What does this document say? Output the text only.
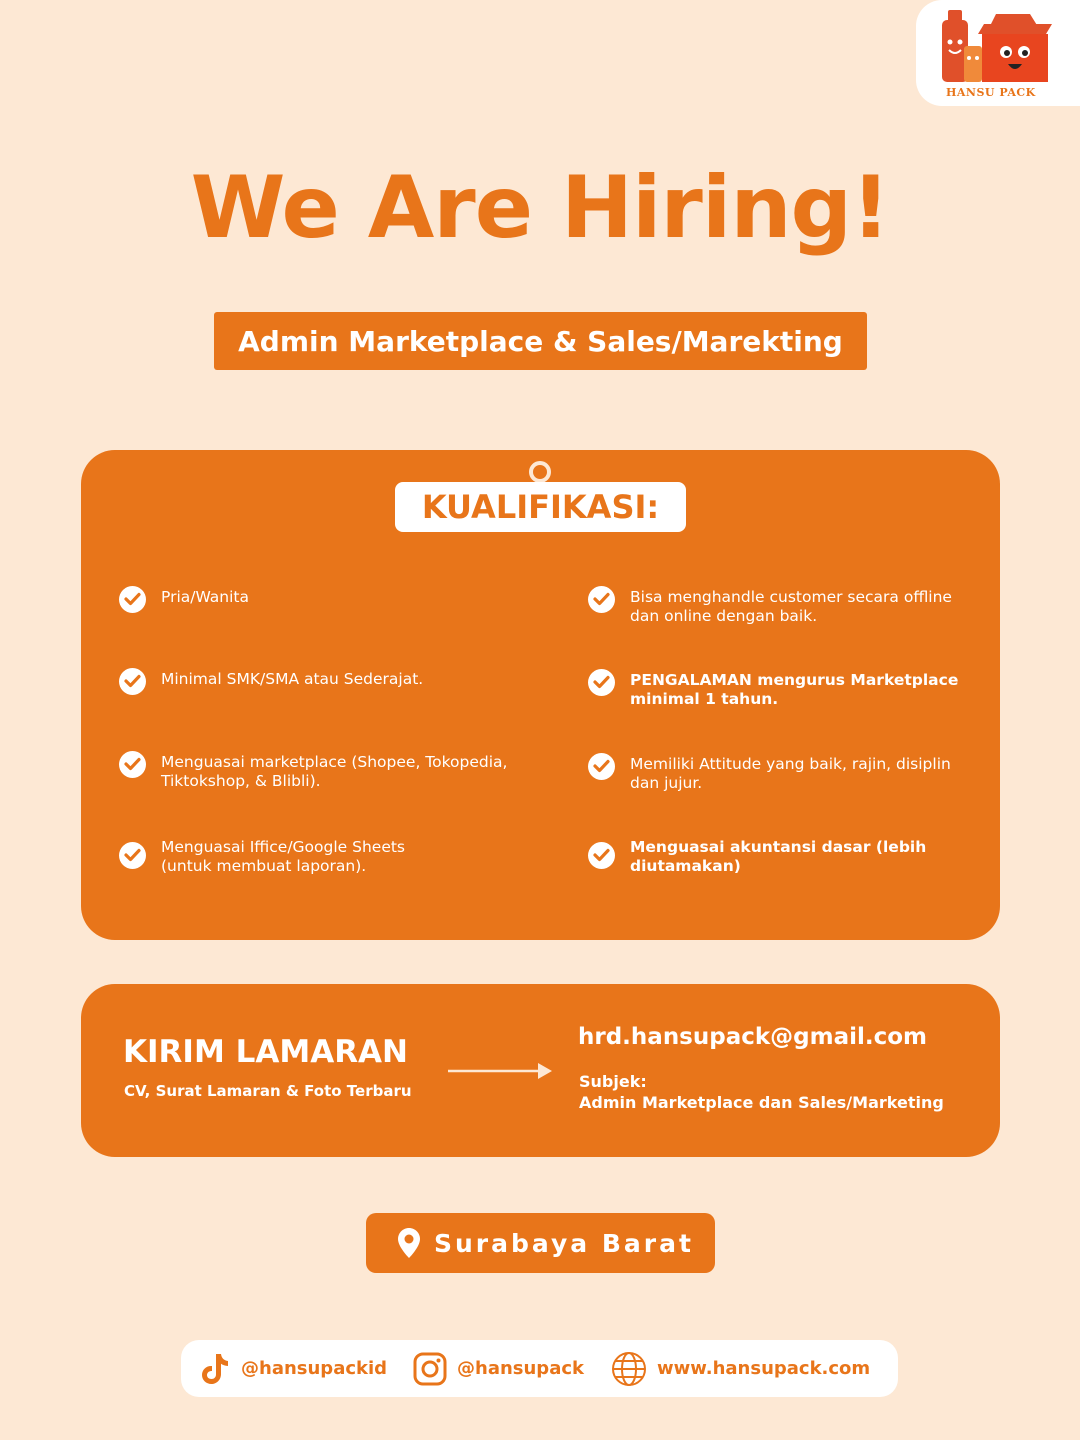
HANSU PACK
We Are Hiring!
Admin Marketplace & Sales/Marekting
KUALIFIKASI:
Pria/Wanita
Minimal SMK/SMA atau Sederajat.
Menguasai marketplace (Shopee, Tokopedia, Tiktokshop, & Blibli).
Menguasai Iffice/Google Sheets (untuk membuat laporan).
Bisa menghandle customer secara offline dan online dengan baik.
PENGALAMAN mengurus Marketplace minimal 1 tahun.
Memiliki Attitude yang baik, rajin, disiplin dan jujur.
Menguasai akuntansi dasar (lebih diutamakan)
KIRIM LAMARAN
CV, Surat Lamaran & Foto Terbaru
hrd.hansupack@gmail.com
Subjek:
Admin Marketplace dan Sales/Marketing
Surabaya Barat
@hansupackid	@hansupack	www.hansupack.com
